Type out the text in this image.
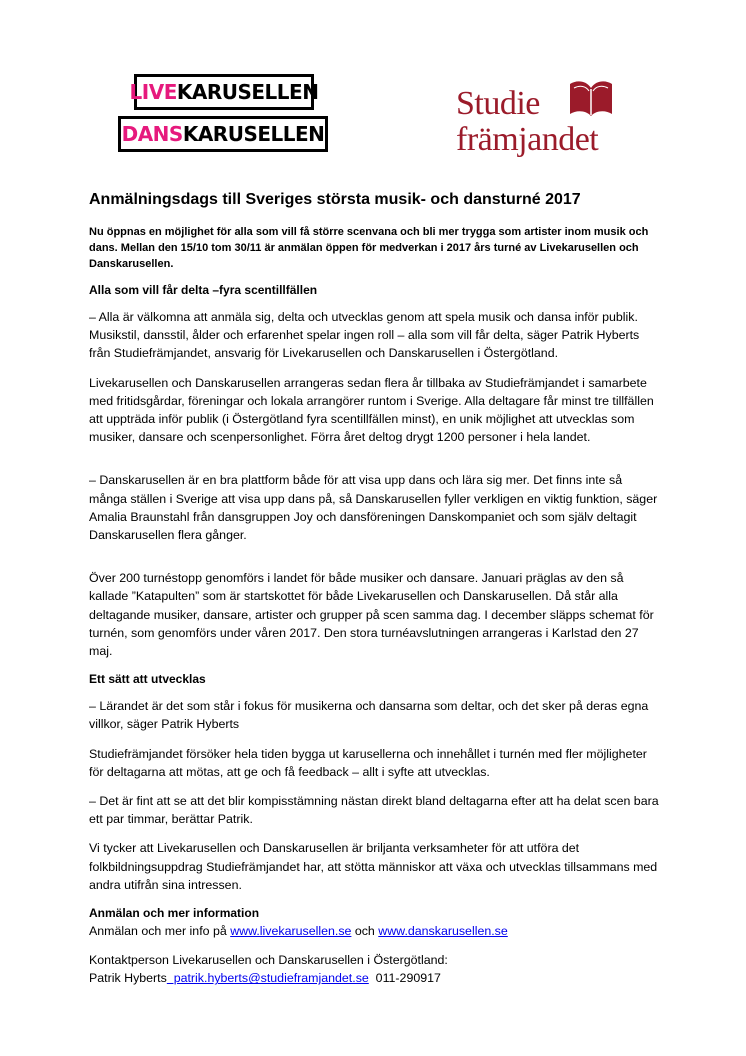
LIVE KARUSELLEN
DANS KARUSELLEN
Studie
främjandet
Anmälningsdags till Sveriges största musik- och dansturné 2017
Nu öppnas en möjlighet för alla som vill få större scenvana och bli mer trygga som artister inom musik och dans. Mellan den 15/10 tom 30/11 är anmälan öppen för medverkan i 2017 års turné av Livekarusellen och Danskarusellen.
Alla som vill får delta –fyra scentillfällen
– Alla är välkomna att anmäla sig, delta och utvecklas genom att spela musik och dansa inför publik. Musikstil, dansstil, ålder och erfarenhet spelar ingen roll – alla som vill får delta, säger Patrik Hyberts från Studiefrämjandet, ansvarig för Livekarusellen och Danskarusellen i Östergötland.
Livekarusellen och Danskarusellen arrangeras sedan flera år tillbaka av Studiefrämjandet i samarbete med fritidsgårdar, föreningar och lokala arrangörer runtom i Sverige. Alla deltagare får minst tre tillfällen att uppträda inför publik (i Östergötland fyra scentillfällen minst), en unik möjlighet att utvecklas som musiker, dansare och scenpersonlighet. Förra året deltog drygt 1200 personer i hela landet.
– Danskarusellen är en bra plattform både för att visa upp dans och lära sig mer. Det finns inte så många ställen i Sverige att visa upp dans på, så Danskarusellen fyller verkligen en viktig funktion, säger Amalia Braunstahl från dansgruppen Joy och dansföreningen Danskompaniet och som själv deltagit Danskarusellen flera gånger.
Över 200 turnéstopp genomförs i landet för både musiker och dansare. Januari präglas av den så kallade ”Katapulten” som är startskottet för både Livekarusellen och Danskarusellen. Då står alla deltagande musiker, dansare, artister och grupper på scen samma dag. I december släpps schemat för turnén, som genomförs under våren 2017. Den stora turnéavslutningen arrangeras i Karlstad den 27 maj.
Ett sätt att utvecklas
– Lärandet är det som står i fokus för musikerna och dansarna som deltar, och det sker på deras egna villkor, säger Patrik Hyberts
Studiefrämjandet försöker hela tiden bygga ut karusellerna och innehållet i turnén med fler möjligheter för deltagarna att mötas, att ge och få feedback – allt i syfte att utvecklas.
– Det är fint att se att det blir kompisstämning nästan direkt bland deltagarna efter att ha delat scen bara ett par timmar, berättar Patrik.
Vi tycker att Livekarusellen och Danskarusellen är briljanta verksamheter för att utföra det folkbildningsuppdrag Studiefrämjandet har, att stötta människor att växa och utvecklas tillsammans med andra utifrån sina intressen.
Anmälan och mer information
Anmälan och mer info på www.livekarusellen.se och www.danskarusellen.se
Kontaktperson Livekarusellen och Danskarusellen i Östergötland:
Patrik Hyberts  patrik.hyberts@studieframjandet.se  011-290917
